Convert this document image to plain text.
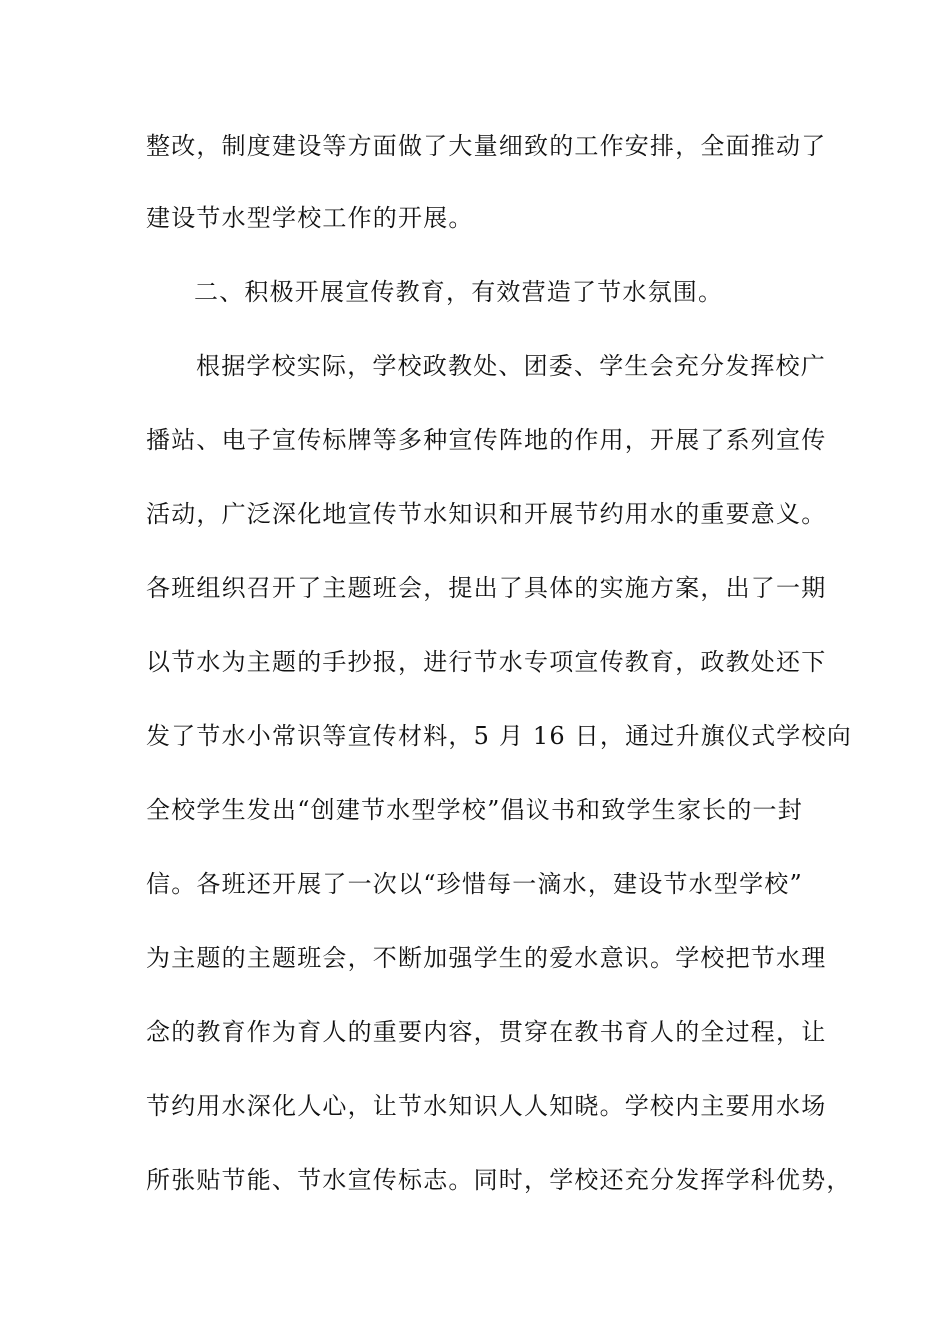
整改，制度建设等方面做了大量细致的工作安排，全面推动了
建设节水型学校工作的开展。
二、积极开展宣传教育，有效营造了节水氛围。
根据学校实际，学校政教处、团委、学生会充分发挥校广
播站、电子宣传标牌等多种宣传阵地的作用，开展了系列宣传
活动，广泛深化地宣传节水知识和开展节约用水的重要意义。
各班组织召开了主题班会，提出了具体的实施方案，出了一期
以节水为主题的手抄报，进行节水专项宣传教育，政教处还下
发了节水小常识等宣传材料，5 月 16 日，通过升旗仪式学校向
全校学生发出“创建节水型学校”倡议书和致学生家长的一封
信。各班还开展了一次以“珍惜每一滴水，建设节水型学校”
为主题的主题班会，不断加强学生的爱水意识。学校把节水理
念的教育作为育人的重要内容，贯穿在教书育人的全过程，让
节约用水深化人心，让节水知识人人知晓。学校内主要用水场
所张贴节能、节水宣传标志。同时，学校还充分发挥学科优势，
